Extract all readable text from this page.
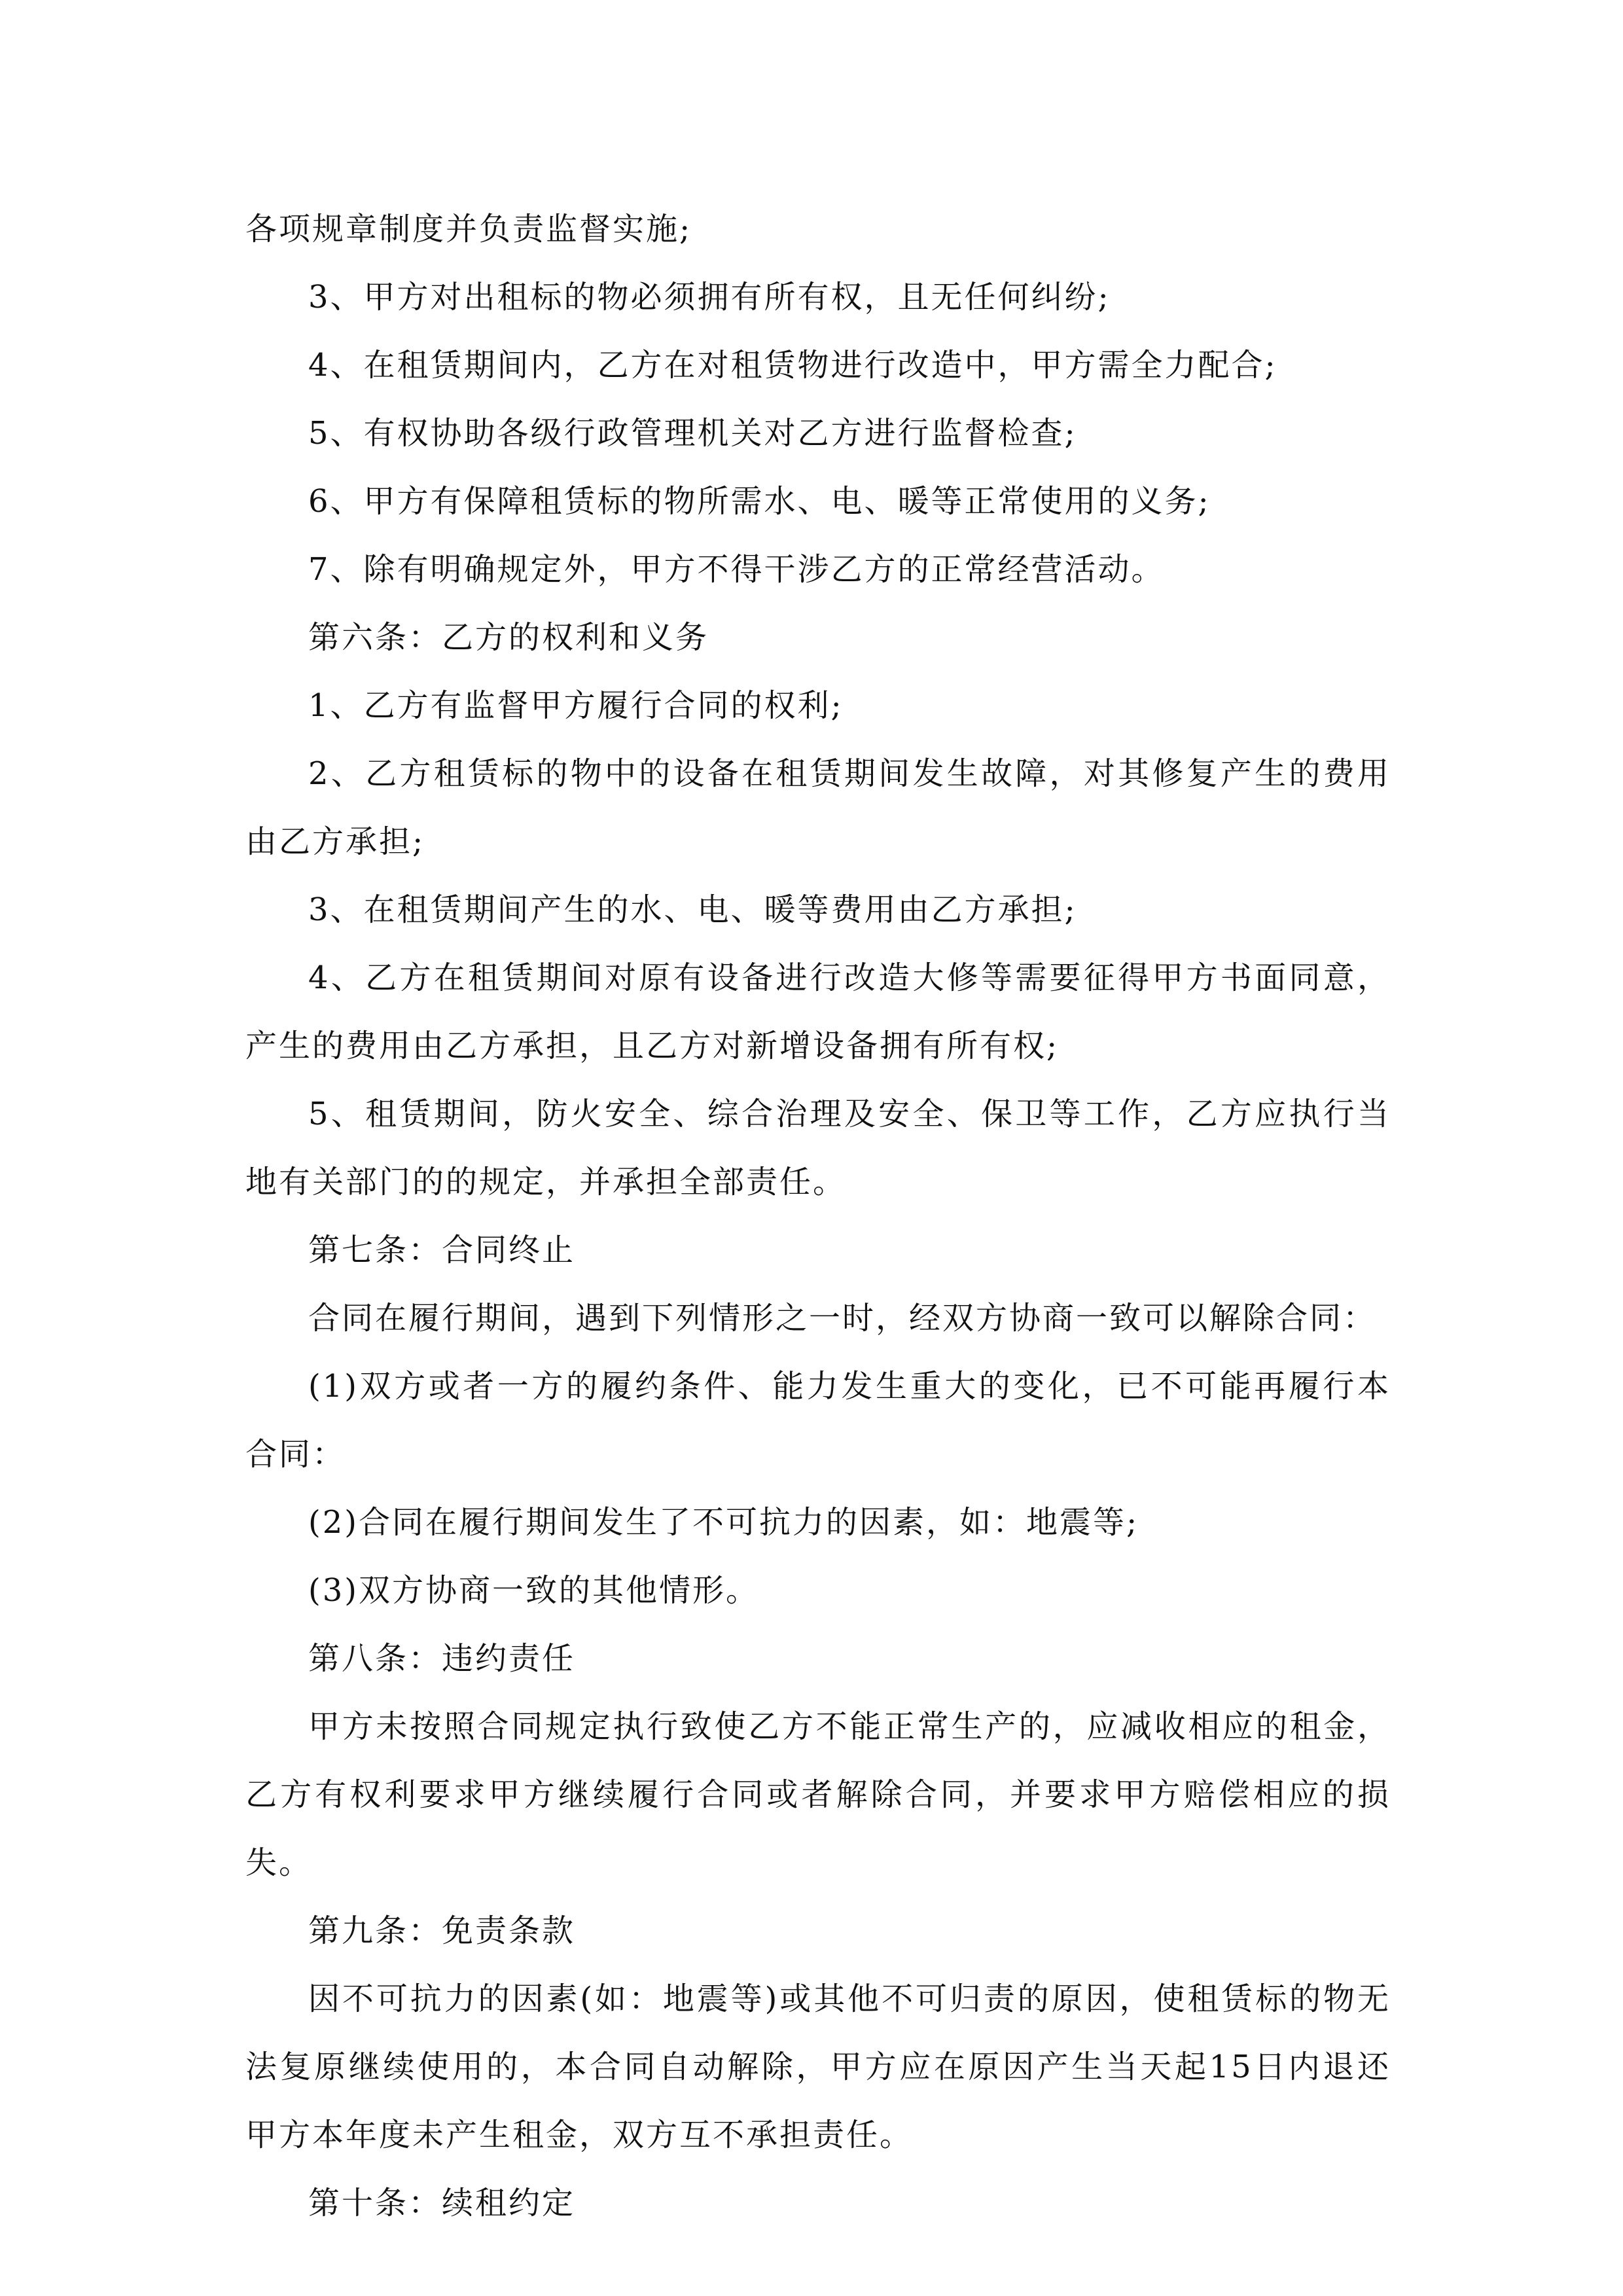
各项规章制度并负责监督实施;

3、甲方对出租标的物必须拥有所有权，且无任何纠纷;

4、在租赁期间内，乙方在对租赁物进行改造中，甲方需全力配合;

5、有权协助各级行政管理机关对乙方进行监督检查;

6、甲方有保障租赁标的物所需水、电、暖等正常使用的义务;

7、除有明确规定外，甲方不得干涉乙方的正常经营活动。

第六条：乙方的权利和义务

1、乙方有监督甲方履行合同的权利;

2、乙方租赁标的物中的设备在租赁期间发生故障，对其修复产生的费用由乙方承担;

3、在租赁期间产生的水、电、暖等费用由乙方承担;

4、乙方在租赁期间对原有设备进行改造大修等需要征得甲方书面同意，产生的费用由乙方承担，且乙方对新增设备拥有所有权;

5、租赁期间，防火安全、综合治理及安全、保卫等工作，乙方应执行当地有关部门的的规定，并承担全部责任。

第七条：合同终止

合同在履行期间，遇到下列情形之一时，经双方协商一致可以解除合同：

(1)双方或者一方的履约条件、能力发生重大的变化，已不可能再履行本合同：

(2)合同在履行期间发生了不可抗力的因素，如：地震等;

(3)双方协商一致的其他情形。

第八条：违约责任

甲方未按照合同规定执行致使乙方不能正常生产的，应减收相应的租金，乙方有权利要求甲方继续履行合同或者解除合同，并要求甲方赔偿相应的损失。

第九条：免责条款

因不可抗力的因素(如：地震等)或其他不可归责的原因，使租赁标的物无法复原继续使用的，本合同自动解除，甲方应在原因产生当天起15日内退还甲方本年度未产生租金，双方互不承担责任。

第十条：续租约定
